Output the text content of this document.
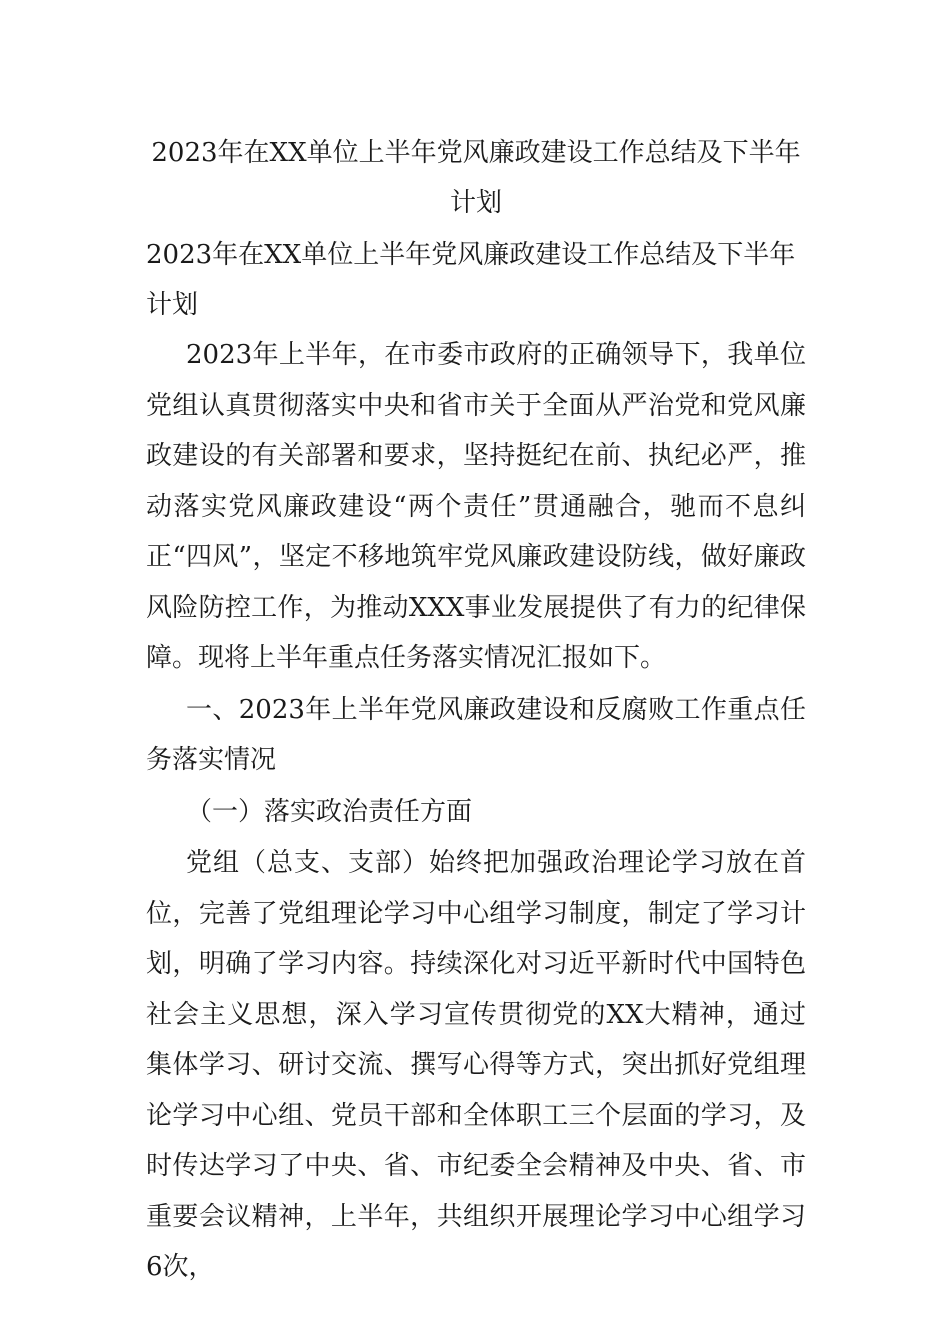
2023年在XX单位上半年党风廉政建设工作总结及下半年计划
2023年在XX单位上半年党风廉政建设工作总结及下半年计划

2023年上半年，在市委市政府的正确领导下，我单位党组认真贯彻落实中央和省市关于全面从严治党和党风廉政建设的有关部署和要求，坚持挺纪在前、执纪必严，推动落实党风廉政建设“两个责任”贯通融合，驰而不息纠正“四风”，坚定不移地筑牢党风廉政建设防线，做好廉政风险防控工作，为推动XXX事业发展提供了有力的纪律保障。现将上半年重点任务落实情况汇报如下。

一、2023年上半年党风廉政建设和反腐败工作重点任务落实情况

（一）落实政治责任方面

党组（总支、支部）始终把加强政治理论学习放在首位，完善了党组理论学习中心组学习制度，制定了学习计划，明确了学习内容。持续深化对习近平新时代中国特色社会主义思想，深入学习宣传贯彻党的XX大精神，通过集体学习、研讨交流、撰写心得等方式，突出抓好党组理论学习中心组、党员干部和全体职工三个层面的学习，及时传达学习了中央、省、市纪委全会精神及中央、省、市重要会议精神，上半年，共组织开展理论学习中心组学习6次，
